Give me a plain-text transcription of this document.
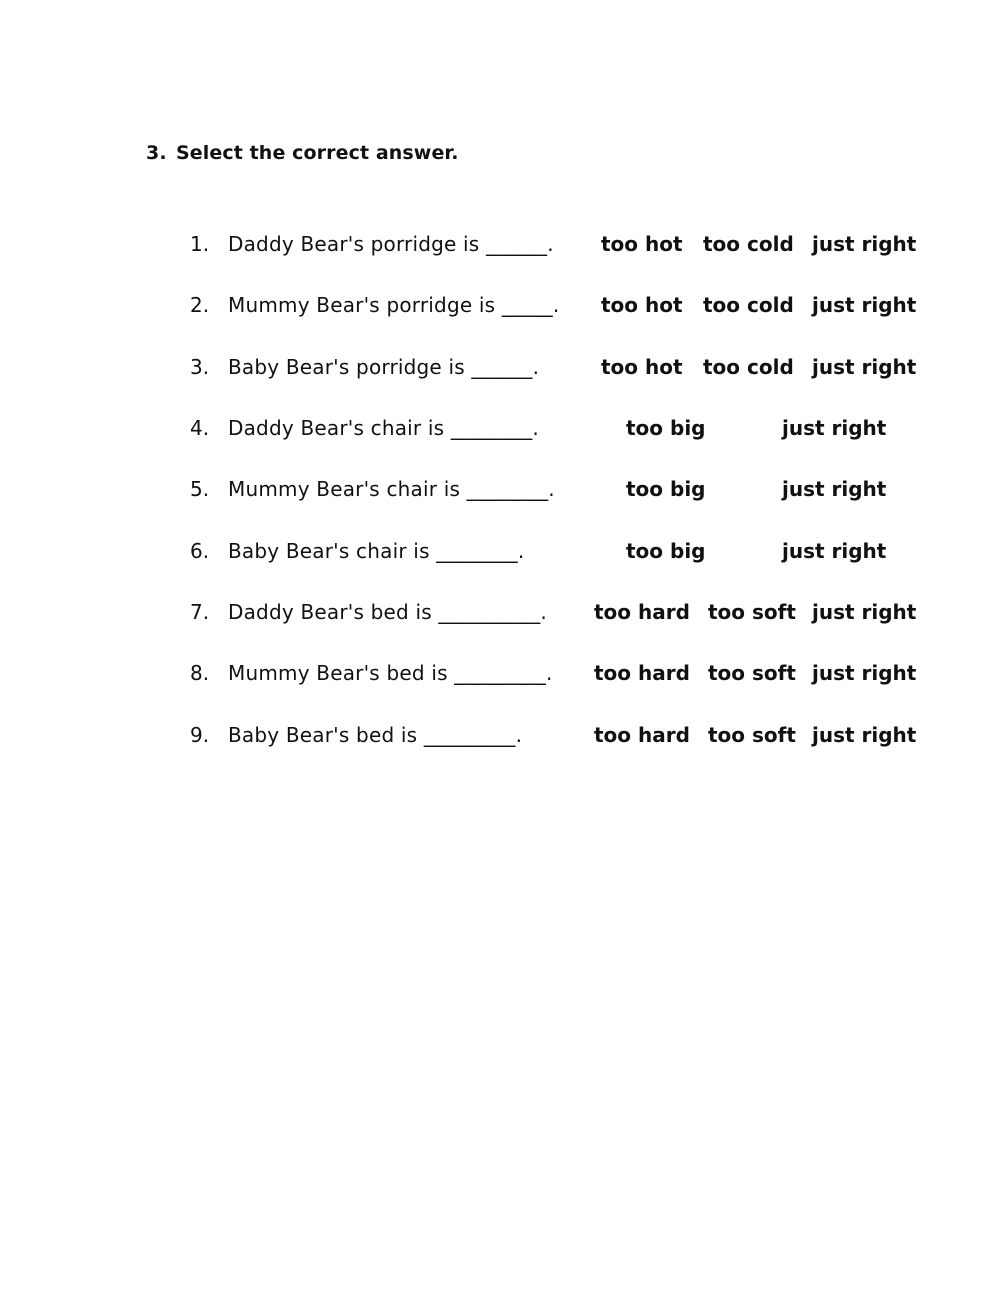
3. Select the correct answer.
1. Daddy Bear's porridge is ______. too hot too cold just right
2. Mummy Bear's porridge is _____. too hot too cold just right
3. Baby Bear's porridge is ______.	too hot too cold just right
4. Daddy Bear's chair is ________.	too big	just right
5. Mummy Bear's chair is ________.	too big	just right
6. Baby Bear's chair is ________.	too big	just right
7. Daddy Bear's bed is __________. too hard too soft just right
8. Mummy Bear's bed is _________. too hard too soft just right
9. Baby Bear's bed is _________.	too hard too soft just right
